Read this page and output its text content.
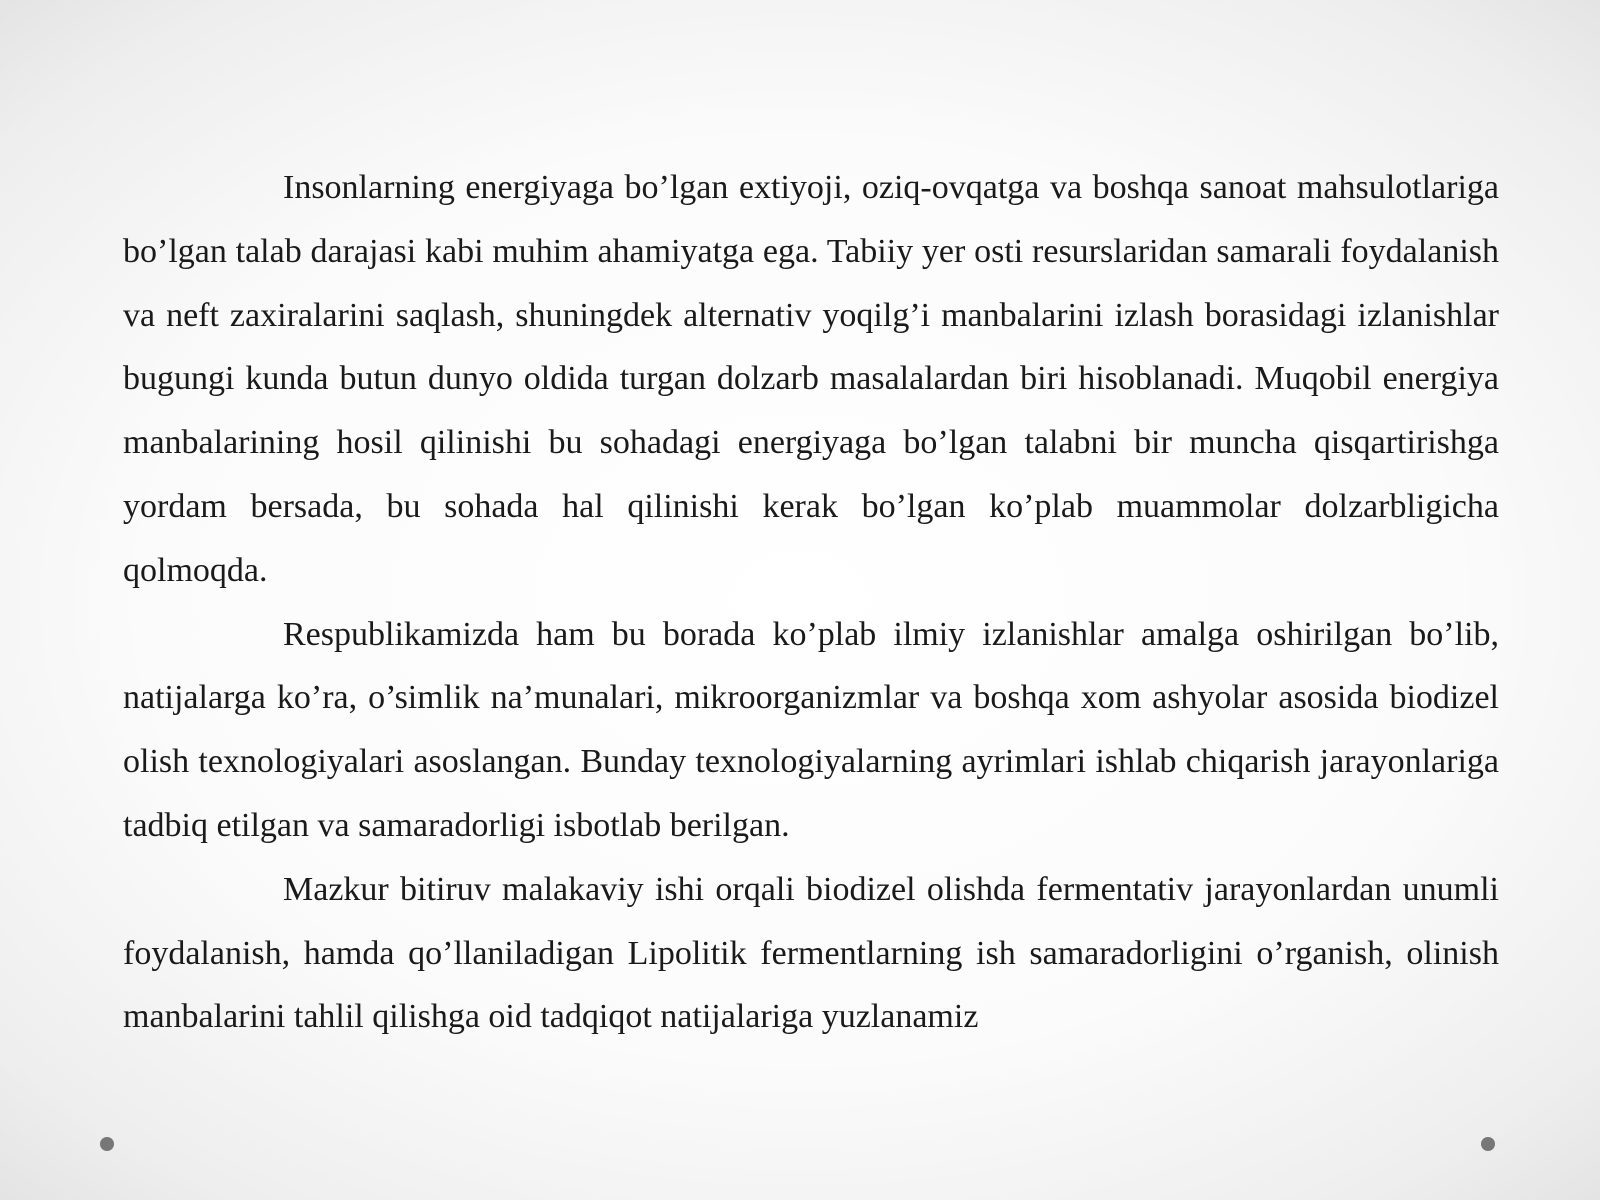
Insonlarning energiyaga bo’lgan extiyoji, oziq-ovqatga va boshqa sanoat mahsulotlariga bo’lgan talab darajasi kabi muhim ahamiyatga ega. Tabiiy yer osti resurslaridan samarali foydalanish va neft zaxiralarini saqlash, shuningdek alternativ yoqilg’i manbalarini izlash borasidagi izlanishlar bugungi kunda butun dunyo oldida turgan dolzarb masalalardan biri hisoblanadi. Muqobil energiya manbalarining hosil qilinishi bu sohadagi energiyaga bo’lgan talabni bir muncha qisqartirishga yordam bersada, bu sohada hal qilinishi kerak bo’lgan ko’plab muammolar dolzarbligicha qolmoqda.

Respublikamizda ham bu borada ko’plab ilmiy izlanishlar amalga oshirilgan bo’lib, natijalarga ko’ra, o’simlik na’munalari, mikroorganizmlar va boshqa xom ashyolar asosida biodizel olish texnologiyalari asoslangan. Bunday texnologiyalarning ayrimlari ishlab chiqarish jarayonlariga tadbiq etilgan va samaradorligi isbotlab berilgan.

Mazkur bitiruv malakaviy ishi orqali biodizel olishda fermentativ jarayonlardan unumli foydalanish, hamda qo’llaniladigan Lipolitik fermentlarning ish samaradorligini o’rganish, olinish manbalarini tahlil qilishga oid tadqiqot natijalariga yuzlanamiz
